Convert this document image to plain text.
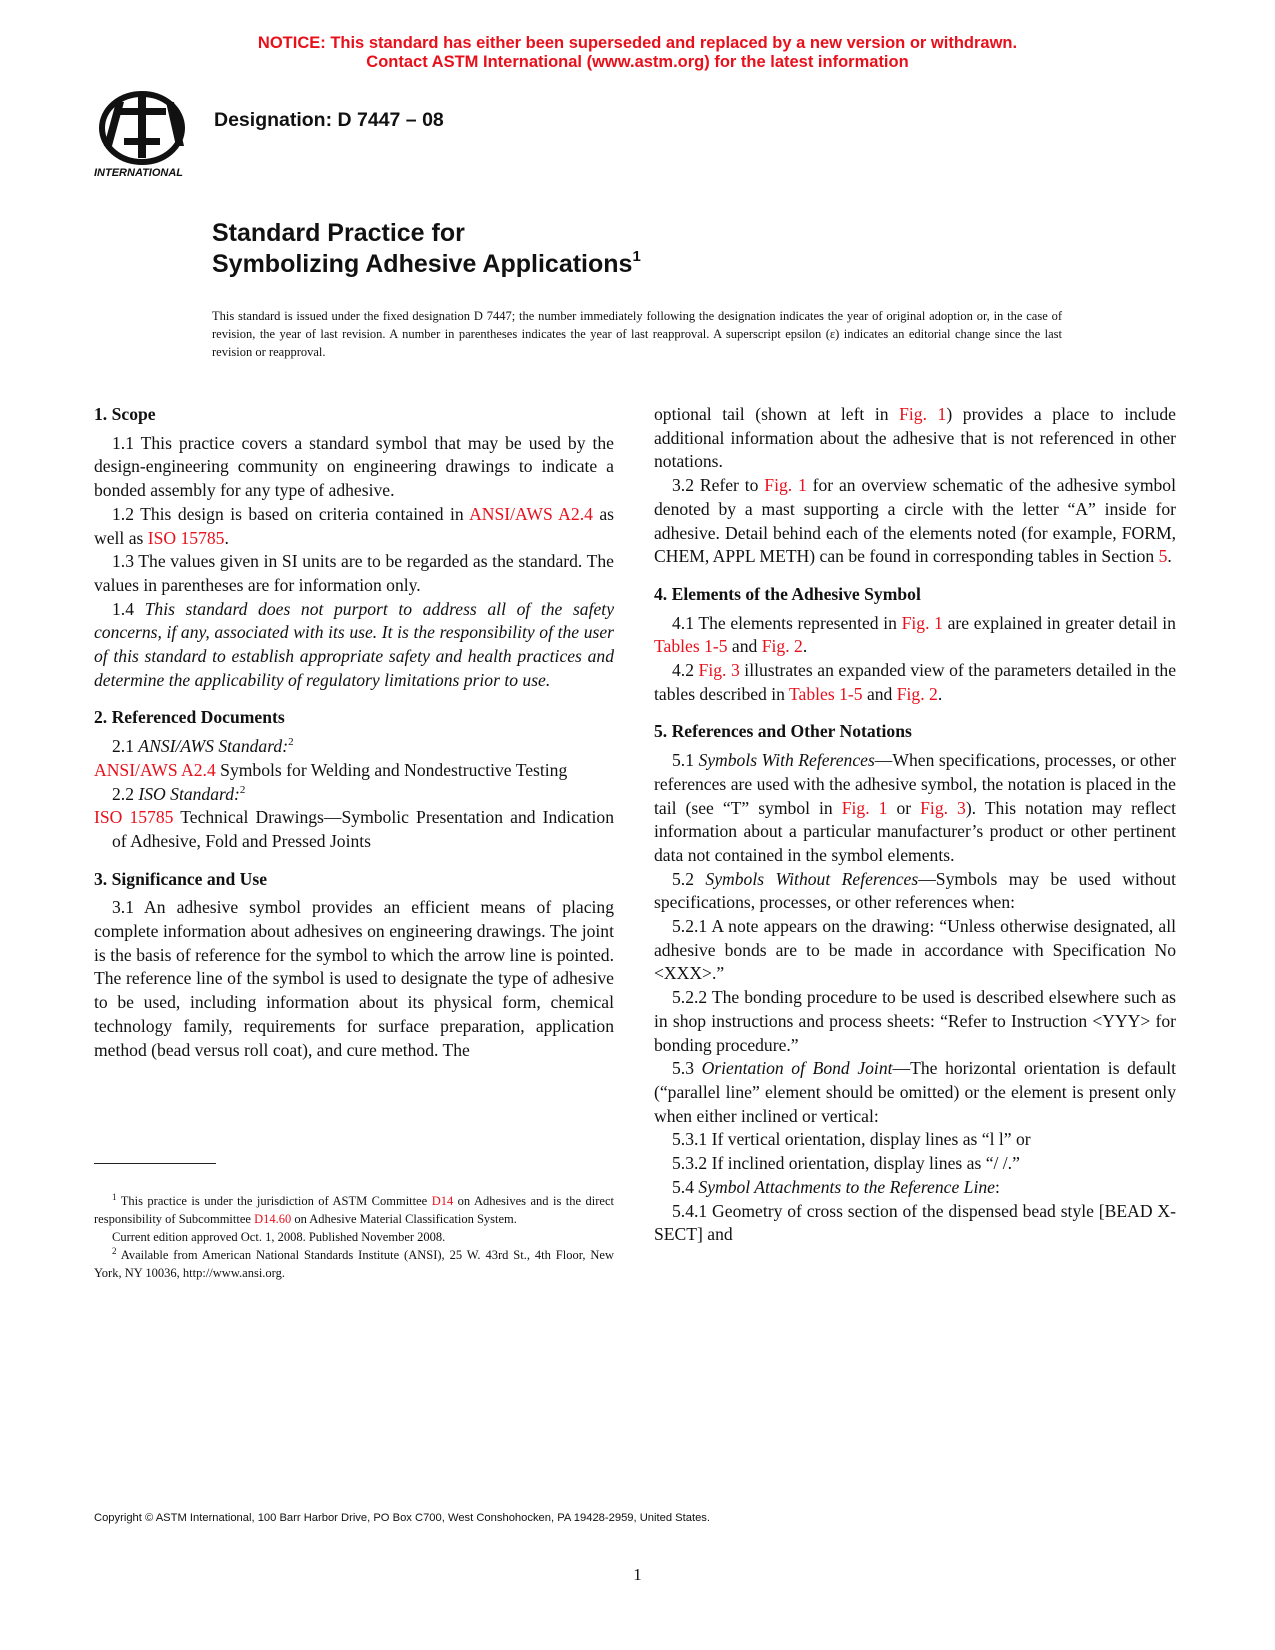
NOTICE: This standard has either been superseded and replaced by a new version or withdrawn.
Contact ASTM International (www.astm.org) for the latest information
INTERNATIONAL
Designation: D 7447 – 08
Standard Practice for
Symbolizing Adhesive Applications$^1$
This standard is issued under the fixed designation D 7447; the number immediately following the designation indicates the year of original adoption or, in the case of revision, the year of last revision. A number in parentheses indicates the year of last reapproval. A superscript epsilon (ε) indicates an editorial change since the last revision or reapproval.
1. Scope

1.1 This practice covers a standard symbol that may be used by the design-engineering community on engineering drawings to indicate a bonded assembly for any type of adhesive.

1.2 This design is based on criteria contained in ANSI/AWS A2.4 as well as ISO 15785.

1.3 The values given in SI units are to be regarded as the standard. The values in parentheses are for information only.

1.4 This standard does not purport to address all of the safety concerns, if any, associated with its use. It is the responsibility of the user of this standard to establish appropriate safety and health practices and determine the applicability of regulatory limitations prior to use.

2. Referenced Documents

2.1 ANSI/AWS Standard:$^2$

ANSI/AWS A2.4 Symbols for Welding and Nondestructive Testing

2.2 ISO Standard:$^2$

ISO 15785 Technical Drawings—Symbolic Presentation and Indication of Adhesive, Fold and Pressed Joints

3. Significance and Use

3.1 An adhesive symbol provides an efficient means of placing complete information about adhesives on engineering drawings. The joint is the basis of reference for the symbol to which the arrow line is pointed. The reference line of the symbol is used to designate the type of adhesive to be used, including information about its physical form, chemical technology family, requirements for surface preparation, application method (bead versus roll coat), and cure method. The

optional tail (shown at left in Fig. 1) provides a place to include additional information about the adhesive that is not referenced in other notations.

3.2 Refer to Fig. 1 for an overview schematic of the adhesive symbol denoted by a mast supporting a circle with the letter “A” inside for adhesive. Detail behind each of the elements noted (for example, FORM, CHEM, APPL METH) can be found in corresponding tables in Section 5.

4. Elements of the Adhesive Symbol

4.1 The elements represented in Fig. 1 are explained in greater detail in Tables 1-5 and Fig. 2.

4.2 Fig. 3 illustrates an expanded view of the parameters detailed in the tables described in Tables 1-5 and Fig. 2.

5. References and Other Notations

5.1 Symbols With References—When specifications, processes, or other references are used with the adhesive symbol, the notation is placed in the tail (see “T” symbol in Fig. 1 or Fig. 3). This notation may reflect information about a particular manufacturer’s product or other pertinent data not contained in the symbol elements.

5.2 Symbols Without References—Symbols may be used without specifications, processes, or other references when:

5.2.1 A note appears on the drawing: “Unless otherwise designated, all adhesive bonds are to be made in accordance with Specification No <XXX>.”

5.2.2 The bonding procedure to be used is described elsewhere such as in shop instructions and process sheets: “Refer to Instruction <YYY> for bonding procedure.”

5.3 Orientation of Bond Joint—The horizontal orientation is default (“parallel line” element should be omitted) or the element is present only when either inclined or vertical:

5.3.1 If vertical orientation, display lines as “l l” or

5.3.2 If inclined orientation, display lines as “/ /.”

5.4 Symbol Attachments to the Reference Line:

5.4.1 Geometry of cross section of the dispensed bead style [BEAD X-SECT] and

$^1$ This practice is under the jurisdiction of ASTM Committee D14 on Adhesives and is the direct responsibility of Subcommittee D14.60 on Adhesive Material Classification System.

Current edition approved Oct. 1, 2008. Published November 2008.

$^2$ Available from American National Standards Institute (ANSI), 25 W. 43rd St., 4th Floor, New York, NY 10036, http://www.ansi.org.

Copyright © ASTM International, 100 Barr Harbor Drive, PO Box C700, West Conshohocken, PA 19428-2959, United States.
1
